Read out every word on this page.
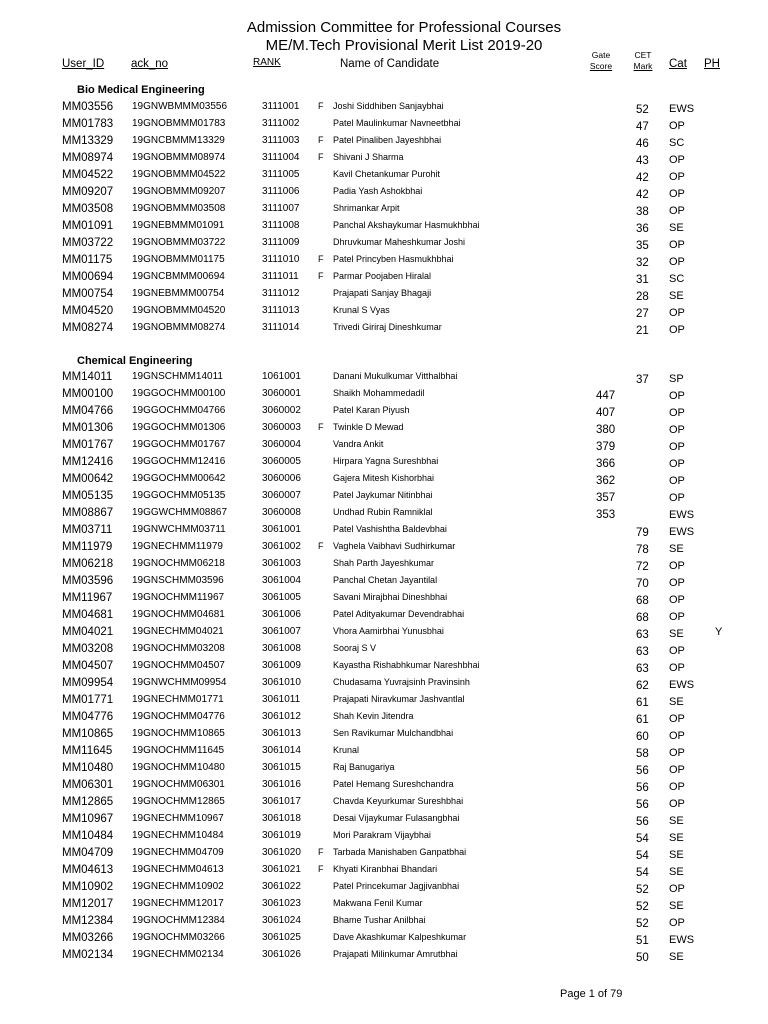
Admission Committee for Professional Courses
ME/M.Tech Provisional Merit List 2019-20
User_ID ack_no	RANK	Name of Candidate
Gate
Score
CET
Mark	Cat PH
Bio Medical Engineering
MM03556 19GNWBMMM03556	3111001 F Joshi Siddhiben Sanjaybhai	52 EWS
MM01783 19GNOBMMM01783	3111002	Patel Maulinkumar Navneetbhai	47 OP
MM13329 19GNCBMMM13329	3111003 F Patel Pinaliben Jayeshbhai	46 SC
MM08974 19GNOBMMM08974	3111004 F Shivani J Sharma	43 OP
MM04522 19GNOBMMM04522	3111005	Kavil Chetankumar Purohit	42 OP
MM09207 19GNOBMMM09207	3111006	Padia Yash Ashokbhai	42 OP
MM03508 19GNOBMMM03508	3111007	Shrimankar Arpit	38 OP
MM01091 19GNEBMMM01091	3111008	Panchal Akshaykumar Hasmukhbhai	36 SE
MM03722 19GNOBMMM03722	3111009	Dhruvkumar Maheshkumar Joshi	35 OP
MM01175 19GNOBMMM01175	3111010 F Patel Princyben Hasmukhbhai	32 OP
MM00694 19GNCBMMM00694	3111011 F Parmar Poojaben Hiralal	31 SC
MM00754 19GNEBMMM00754	3111012	Prajapati Sanjay Bhagaji	28 SE
MM04520 19GNOBMMM04520	3111013	Krunal S Vyas	27 OP
MM08274 19GNOBMMM08274	3111014	Trivedi Giriraj Dineshkumar	21 OP
Chemical Engineering
MM14011 19GNSCHMM14011	1061001	Danani Mukulkumar Vitthalbhai	37 SP
MM00100 19GGOCHMM00100	3060001	Shaikh Mohammedadil	447	OP
MM04766 19GGOCHMM04766	3060002	Patel Karan Piyush	407	OP
MM01306 19GGOCHMM01306	3060003 F Twinkle D Mewad	380	OP
MM01767 19GGOCHMM01767	3060004	Vandra Ankit	379	OP
MM12416 19GGOCHMM12416	3060005	Hirpara Yagna Sureshbhai	366	OP
MM00642 19GGOCHMM00642	3060006	Gajera Mitesh Kishorbhai	362	OP
MM05135 19GGOCHMM05135	3060007	Patel Jaykumar Nitinbhai	357	OP
MM08867 19GGWCHMM08867	3060008	Undhad Rubin Ramniklal	353	EWS
MM03711 19GNWCHMM03711	3061001	Patel Vashishtha Baldevbhai	79 EWS
MM11979 19GNECHMM11979	3061002 F Vaghela Vaibhavi Sudhirkumar	78 SE
MM06218 19GNOCHMM06218	3061003	Shah Parth Jayeshkumar	72 OP
MM03596 19GNSCHMM03596	3061004	Panchal Chetan Jayantilal	70 OP
MM11967 19GNOCHMM11967	3061005	Savani Mirajbhai Dineshbhai	68 OP
MM04681 19GNOCHMM04681	3061006	Patel Adityakumar Devendrabhai	68 OP
MM04021 19GNECHMM04021	3061007	Vhora Aamirbhai Yunusbhai	63 SE	Y
MM03208 19GNOCHMM03208	3061008	Sooraj S V	63 OP
MM04507 19GNOCHMM04507	3061009	Kayastha Rishabhkumar Nareshbhai	63 OP
MM09954 19GNWCHMM09954	3061010	Chudasama Yuvrajsinh Pravinsinh	62 EWS
MM01771 19GNECHMM01771	3061011	Prajapati Niravkumar Jashvantlal	61 SE
MM04776 19GNOCHMM04776	3061012	Shah Kevin Jitendra	61 OP
MM10865 19GNOCHMM10865	3061013	Sen Ravikumar Mulchandbhai	60 OP
MM11645 19GNOCHMM11645	3061014	Krunal	58 OP
MM10480 19GNOCHMM10480	3061015	Raj Banugariya	56 OP
MM06301 19GNOCHMM06301	3061016	Patel Hemang Sureshchandra	56 OP
MM12865 19GNOCHMM12865	3061017	Chavda Keyurkumar Sureshbhai	56 OP
MM10967 19GNECHMM10967	3061018	Desai Vijaykumar Fulasangbhai	56 SE
MM10484 19GNECHMM10484	3061019	Mori Parakram Vijaybhai	54 SE
MM04709 19GNECHMM04709	3061020 F Tarbada Manishaben Ganpatbhai	54 SE
MM04613 19GNECHMM04613	3061021 F Khyati Kiranbhai Bhandari	54 SE
MM10902 19GNECHMM10902	3061022	Patel Princekumar Jagjivanbhai	52 OP
MM12017 19GNECHMM12017	3061023	Makwana Fenil Kumar	52 SE
MM12384 19GNOCHMM12384	3061024	Bhame Tushar Anilbhai	52 OP
MM03266 19GNOCHMM03266	3061025	Dave Akashkumar Kalpeshkumar	51 EWS
MM02134 19GNECHMM02134	3061026	Prajapati Milinkumar Amrutbhai	50 SE
Page 1 of 79
